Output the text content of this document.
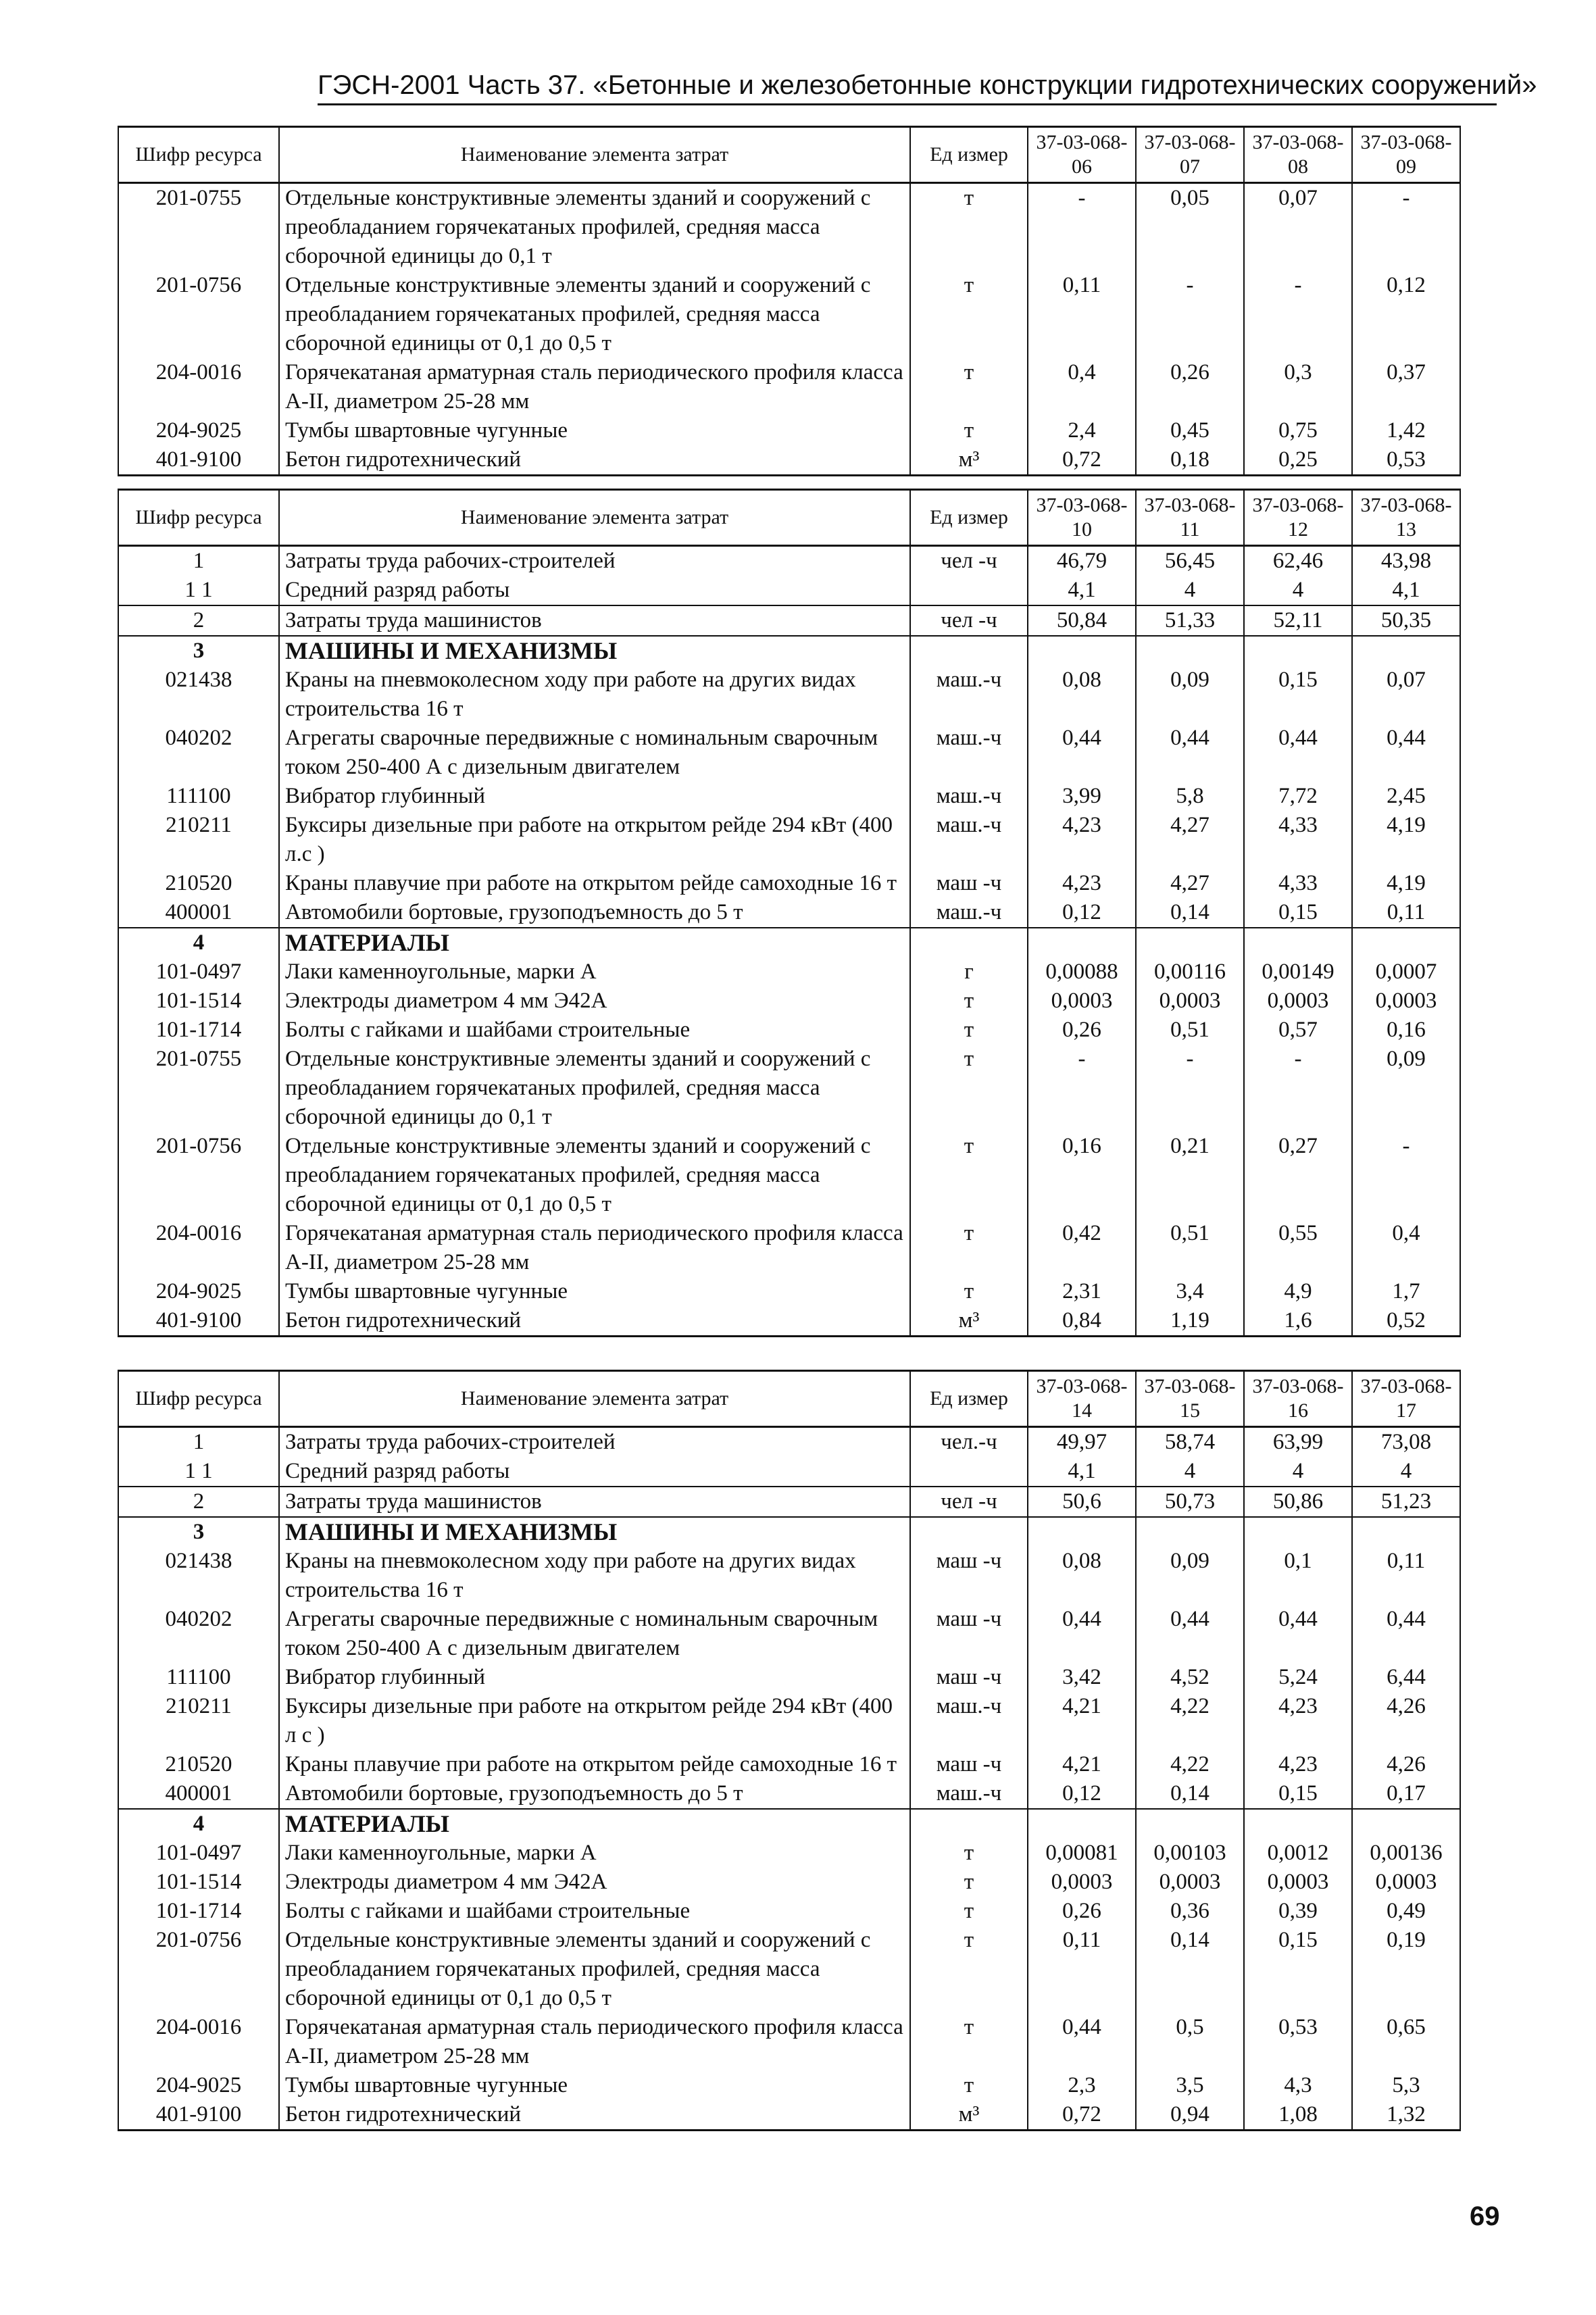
ГЭСН-2001 Часть 37. «Бетонные и железобетонные конструкции гидротехнических сооружений»
Шифр ресурса	Наименование элемента затрат	Ед измер	37-03-068-06	37-03-068-07	37-03-068-08	37-03-068-09
201-0755	Отдельные конструктивные элементы зданий и сооружений с преобладанием горячекатаных профилей, средняя масса сборочной единицы до 0,1 т	т	-	0,05	0,07	-
201-0756	Отдельные конструктивные элементы зданий и сооружений с преобладанием горячекатаных профилей, средняя масса сборочной единицы от 0,1 до 0,5 т	т	0,11	-	-	0,12
204-0016	Горячекатаная арматурная сталь периодического профиля класса А-II, диаметром 25-28 мм	т	0,4	0,26	0,3	0,37
204-9025	Тумбы швартовные чугунные	т	2,4	0,45	0,75	1,42
401-9100	Бетон гидротехнический	м³	0,72	0,18	0,25	0,53
Шифр ресурса	Наименование элемента затрат	Ед измер	37-03-068-10	37-03-068-11	37-03-068-12	37-03-068-13
1	Затраты труда рабочих-строителей	чел -ч	46,79	56,45	62,46	43,98
1 1	Средний разряд работы		4,1	4	4	4,1
2	Затраты труда машинистов	чел -ч	50,84	51,33	52,11	50,35
3	МАШИНЫ И МЕХАНИЗМЫ					
021438	Краны на пневмоколесном ходу при работе на других видах строительства 16 т	маш.-ч	0,08	0,09	0,15	0,07
040202	Агрегаты сварочные передвижные с номинальным сварочным током 250-400 А с дизельным двигателем	маш.-ч	0,44	0,44	0,44	0,44
111100	Вибратор глубинный	маш.-ч	3,99	5,8	7,72	2,45
210211	Буксиры дизельные при работе на открытом рейде 294 кВт (400 л.с )	маш.-ч	4,23	4,27	4,33	4,19
210520	Краны плавучие при работе на открытом рейде самоходные 16 т	маш -ч	4,23	4,27	4,33	4,19
400001	Автомобили бортовые, грузоподъемность до 5 т	маш.-ч	0,12	0,14	0,15	0,11
4	МАТЕРИАЛЫ					
101-0497	Лаки каменноугольные, марки А	г	0,00088	0,00116	0,00149	0,0007
101-1514	Электроды диаметром 4 мм Э42А	т	0,0003	0,0003	0,0003	0,0003
101-1714	Болты с гайками и шайбами строительные	т	0,26	0,51	0,57	0,16
201-0755	Отдельные конструктивные элементы зданий и сооружений с преобладанием горячекатаных профилей, средняя масса сборочной единицы до 0,1 т	т	-	-	-	0,09
201-0756	Отдельные конструктивные элементы зданий и сооружений с преобладанием горячекатаных профилей, средняя масса сборочной единицы от 0,1 до 0,5 т	т	0,16	0,21	0,27	-
204-0016	Горячекатаная арматурная сталь периодического профиля класса А-II, диаметром 25-28 мм	т	0,42	0,51	0,55	0,4
204-9025	Тумбы швартовные чугунные	т	2,31	3,4	4,9	1,7
401-9100	Бетон гидротехнический	м³	0,84	1,19	1,6	0,52
Шифр ресурса	Наименование элемента затрат	Ед измер	37-03-068-14	37-03-068-15	37-03-068-16	37-03-068-17
1	Затраты труда рабочих-строителей	чел.-ч	49,97	58,74	63,99	73,08
1 1	Средний разряд работы		4,1	4	4	4
2	Затраты труда машинистов	чел -ч	50,6	50,73	50,86	51,23
3	МАШИНЫ И МЕХАНИЗМЫ					
021438	Краны на пневмоколесном ходу при работе на других видах строительства 16 т	маш -ч	0,08	0,09	0,1	0,11
040202	Агрегаты сварочные передвижные с номинальным сварочным током 250-400 А с дизельным двигателем	маш -ч	0,44	0,44	0,44	0,44
111100	Вибратор глубинный	маш -ч	3,42	4,52	5,24	6,44
210211	Буксиры дизельные при работе на открытом рейде 294 кВт (400 л с )	маш.-ч	4,21	4,22	4,23	4,26
210520	Краны плавучие при работе на открытом рейде самоходные 16 т	маш -ч	4,21	4,22	4,23	4,26
400001	Автомобили бортовые, грузоподъемность до 5 т	маш.-ч	0,12	0,14	0,15	0,17
4	МАТЕРИАЛЫ					
101-0497	Лаки каменноугольные, марки А	т	0,00081	0,00103	0,0012	0,00136
101-1514	Электроды диаметром 4 мм Э42А	т	0,0003	0,0003	0,0003	0,0003
101-1714	Болты с гайками и шайбами строительные	т	0,26	0,36	0,39	0,49
201-0756	Отдельные конструктивные элементы зданий и сооружений с преобладанием горячекатаных профилей, средняя масса сборочной единицы от 0,1 до 0,5 т	т	0,11	0,14	0,15	0,19
204-0016	Горячекатаная арматурная сталь периодического профиля класса А-II, диаметром 25-28 мм	т	0,44	0,5	0,53	0,65
204-9025	Тумбы швартовные чугунные	т	2,3	3,5	4,3	5,3
401-9100	Бетон гидротехнический	м³	0,72	0,94	1,08	1,32
69
